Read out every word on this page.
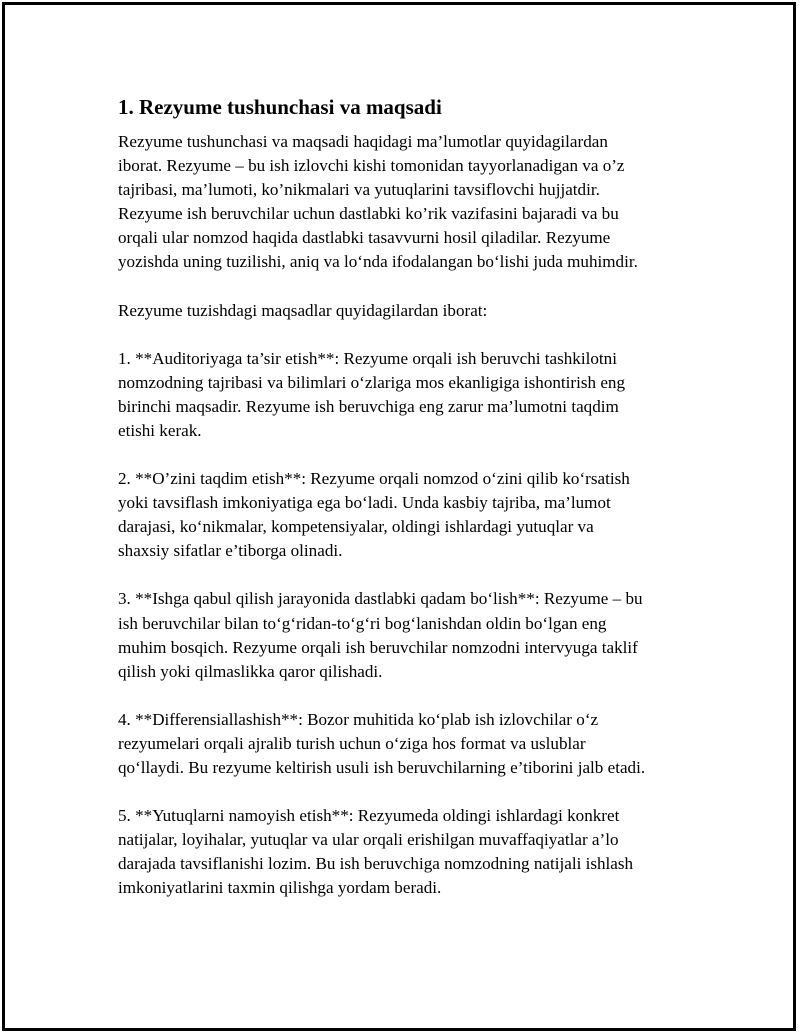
1. Rezyume tushunchasi va maqsadi

Rezyume tushunchasi va maqsadi haqidagi ma’lumotlar quyidagilardan
iborat. Rezyume – bu ish izlovchi kishi tomonidan tayyorlanadigan va o’z
tajribasi, ma’lumoti, ko’nikmalari va yutuqlarini tavsiflovchi hujjatdir.
Rezyume ish beruvchilar uchun dastlabki ko’rik vazifasini bajaradi va bu
orqali ular nomzod haqida dastlabki tasavvurni hosil qiladilar. Rezyume
yozishda uning tuzilishi, aniq va lo‘nda ifodalangan bo‘lishi juda muhimdir.

Rezyume tuzishdagi maqsadlar quyidagilardan iborat:

1. **Auditoriyaga ta’sir etish**: Rezyume orqali ish beruvchi tashkilotni
nomzodning tajribasi va bilimlari o‘zlariga mos ekanligiga ishontirish eng
birinchi maqsadir. Rezyume ish beruvchiga eng zarur ma’lumotni taqdim
etishi kerak.

2. **O’zini taqdim etish**: Rezyume orqali nomzod o‘zini qilib ko‘rsatish
yoki tavsiflash imkoniyatiga ega bo‘ladi. Unda kasbiy tajriba, ma’lumot
darajasi, ko‘nikmalar, kompetensiyalar, oldingi ishlardagi yutuqlar va
shaxsiy sifatlar e’tiborga olinadi.

3. **Ishga qabul qilish jarayonida dastlabki qadam bo‘lish**: Rezyume – bu
ish beruvchilar bilan to‘g‘ridan-to‘g‘ri bog‘lanishdan oldin bo‘lgan eng
muhim bosqich. Rezyume orqali ish beruvchilar nomzodni intervyuga taklif
qilish yoki qilmaslikka qaror qilishadi.

4. **Differensiallashish**: Bozor muhitida ko‘plab ish izlovchilar o‘z
rezyumelari orqali ajralib turish uchun o‘ziga hos format va uslublar
qo‘llaydi. Bu rezyume keltirish usuli ish beruvchilarning e’tiborini jalb etadi.

5. **Yutuqlarni namoyish etish**: Rezyumeda oldingi ishlardagi konkret
natijalar, loyihalar, yutuqlar va ular orqali erishilgan muvaffaqiyatlar a’lo
darajada tavsiflanishi lozim. Bu ish beruvchiga nomzodning natijali ishlash
imkoniyatlarini taxmin qilishga yordam beradi.
